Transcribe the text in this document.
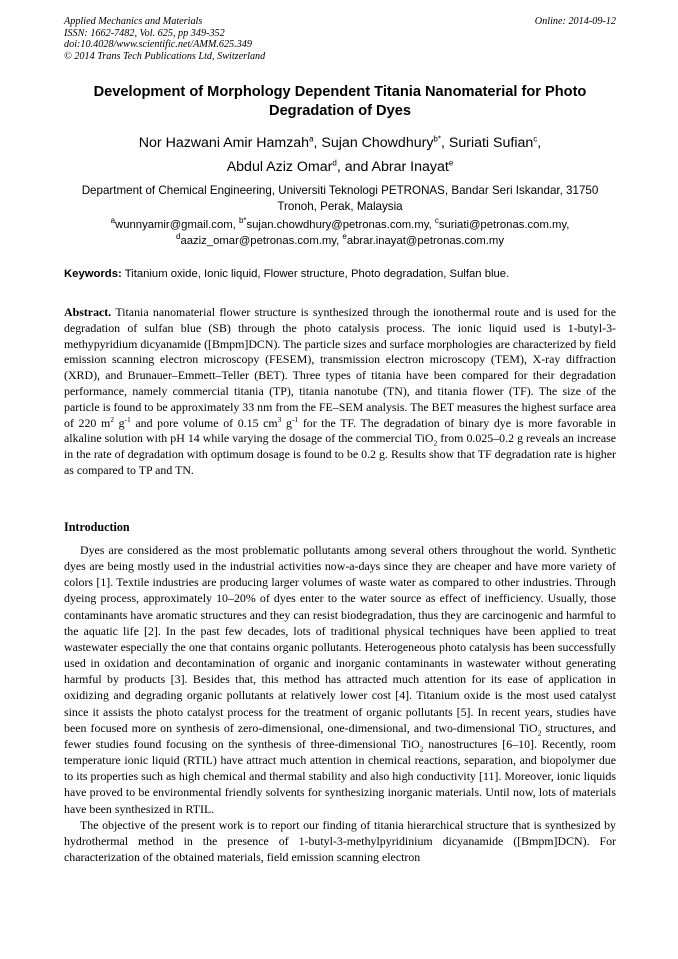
Applied Mechanics and Materials
ISSN: 1662-7482, Vol. 625, pp 349-352
doi:10.4028/www.scientific.net/AMM.625.349
© 2014 Trans Tech Publications Ltd, Switzerland
Online: 2014-09-12
Development of Morphology Dependent Titania Nanomaterial for Photo Degradation of Dyes
Nor Hazwani Amir Hamzah$^a$, Sujan Chowdhury$^{b*}$, Suriati Sufian$^c$,
Abdul Aziz Omar$^d$, and Abrar Inayat$^e$
Department of Chemical Engineering, Universiti Teknologi PETRONAS, Bandar Seri Iskandar, 31750 Tronoh, Perak, Malaysia
$^a$wunnyamir@gmail.com, $^{b*}$sujan.chowdhury@petronas.com.my, $^c$suriati@petronas.com.my,
$^d$aaziz_omar@petronas.com.my, $^e$abrar.inayat@petronas.com.my
Keywords: Titanium oxide, Ionic liquid, Flower structure, Photo degradation, Sulfan blue.
Abstract. Titania nanomaterial flower structure is synthesized through the ionothermal route and is used for the degradation of sulfan blue (SB) through the photo catalysis process. The ionic liquid used is 1-butyl-3-methypyridium dicyanamide ([Bmpm]DCN). The particle sizes and surface morphologies are characterized by field emission scanning electron microscopy (FESEM), transmission electron microscopy (TEM), X-ray diffraction (XRD), and Brunauer–Emmett–Teller (BET). Three types of titania have been compared for their degradation performance, namely commercial titania (TP), titania nanotube (TN), and titania flower (TF). The size of the particle is found to be approximately 33 nm from the FE–SEM analysis. The BET measures the highest surface area of 220 $m^2$ $g^{-1}$ and pore volume of 0.15 $cm^3$ $g^{-1}$ for the TF. The degradation of binary dye is more favorable in alkaline solution with pH 14 while varying the dosage of the commercial TiO$_2$ from 0.025–0.2 g reveals an increase in the rate of degradation with optimum dosage is found to be 0.2 g. Results show that TF degradation rate is higher as compared to TP and TN.
Introduction

Dyes are considered as the most problematic pollutants among several others throughout the world. Synthetic dyes are being mostly used in the industrial activities now-a-days since they are cheaper and have more variety of colors [1]. Textile industries are producing larger volumes of waste water as compared to other industries. Through dyeing process, approximately 10–20% of dyes enter to the water source as effect of inefficiency. Usually, those contaminants have aromatic structures and they can resist biodegradation, thus they are carcinogenic and harmful to the aquatic life [2]. In the past few decades, lots of traditional physical techniques have been applied to treat wastewater especially the one that contains organic pollutants. Heterogeneous photo catalysis has been successfully used in oxidation and decontamination of organic and inorganic contaminants in wastewater without generating harmful by products [3]. Besides that, this method has attracted much attention for its ease of application in oxidizing and degrading organic pollutants at relatively lower cost [4]. Titanium oxide is the most used catalyst since it assists the photo catalyst process for the treatment of organic pollutants [5]. In recent years, studies have been focused more on synthesis of zero-dimensional, one-dimensional, and two-dimensional TiO$_2$ structures, and fewer studies found focusing on the synthesis of three-dimensional TiO$_2$ nanostructures [6–10]. Recently, room temperature ionic liquid (RTIL) have attract much attention in chemical reactions, separation, and biopolymer due to its properties such as high chemical and thermal stability and also high conductivity [11]. Moreover, ionic liquids have proved to be environmental friendly solvents for synthesizing inorganic materials. Until now, lots of materials have been synthesized in RTIL.

The objective of the present work is to report our finding of titania hierarchical structure that is synthesized by hydrothermal method in the presence of 1-butyl-3-methylpyridinium dicyanamide ([Bmpm]DCN). For characterization of the obtained materials, field emission scanning electron
